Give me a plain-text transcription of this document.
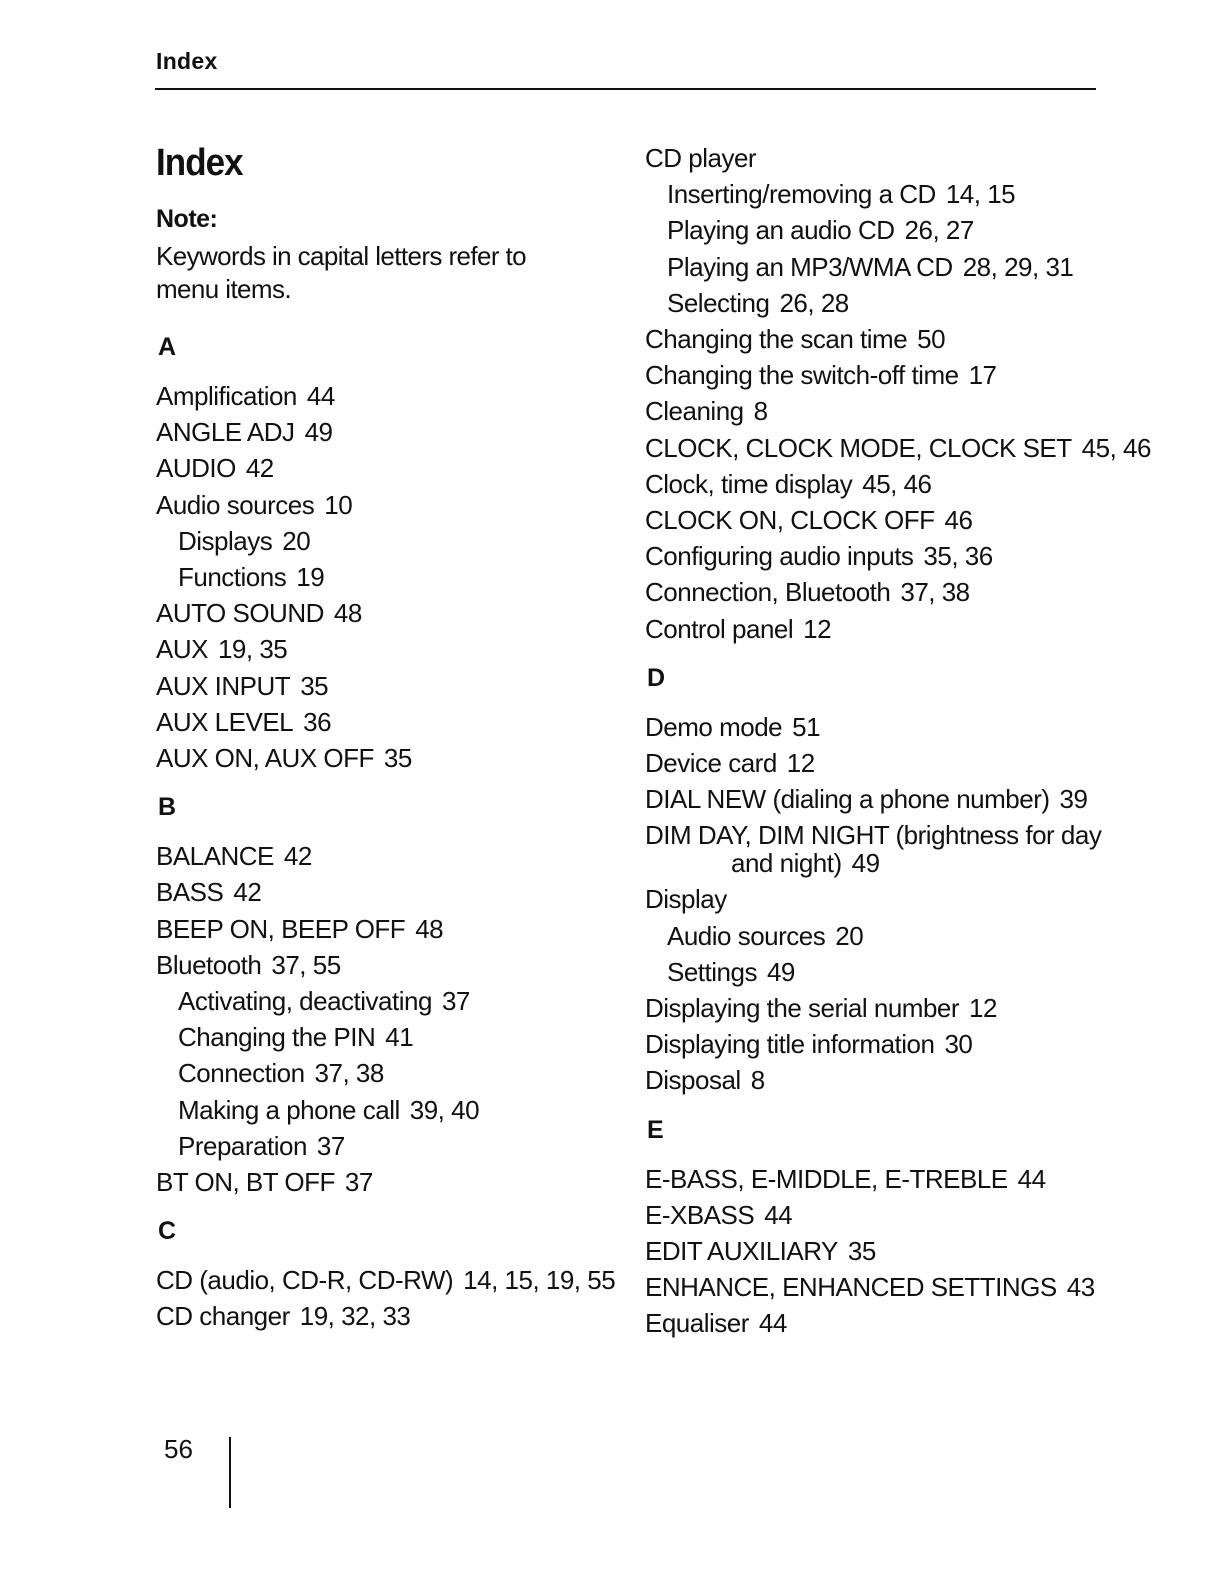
Index
Index
Note:
Keywords in capital letters refer to menu items.
A
Amplification 44
ANGLE ADJ 49
AUDIO 42
Audio sources 10
Displays 20
Functions 19
AUTO SOUND 48
AUX 19, 35
AUX INPUT 35
AUX LEVEL 36
AUX ON, AUX OFF 35
B
BALANCE 42
BASS 42
BEEP ON, BEEP OFF 48
Bluetooth 37, 55
Activating, deactivating 37
Changing the PIN 41
Connection 37, 38
Making a phone call 39, 40
Preparation 37
BT ON, BT OFF 37
C
CD (audio, CD-R, CD-RW) 14, 15, 19, 55
CD changer 19, 32, 33
CD player
Inserting/removing a CD 14, 15
Playing an audio CD 26, 27
Playing an MP3/WMA CD 28, 29, 31
Selecting 26, 28
Changing the scan time 50
Changing the switch-off time 17
Cleaning 8
CLOCK, CLOCK MODE, CLOCK SET 45, 46
Clock, time display 45, 46
CLOCK ON, CLOCK OFF 46
Configuring audio inputs 35, 36
Connection, Bluetooth 37, 38
Control panel 12
D
Demo mode 51
Device card 12
DIAL NEW (dialing a phone number) 39
DIM DAY, DIM NIGHT (brightness for day
and night) 49
Display
Audio sources 20
Settings 49
Displaying the serial number 12
Displaying title information 30
Disposal 8
E
E-BASS, E-MIDDLE, E-TREBLE 44
E-XBASS 44
EDIT AUXILIARY 35
ENHANCE, ENHANCED SETTINGS 43
Equaliser 44
56
